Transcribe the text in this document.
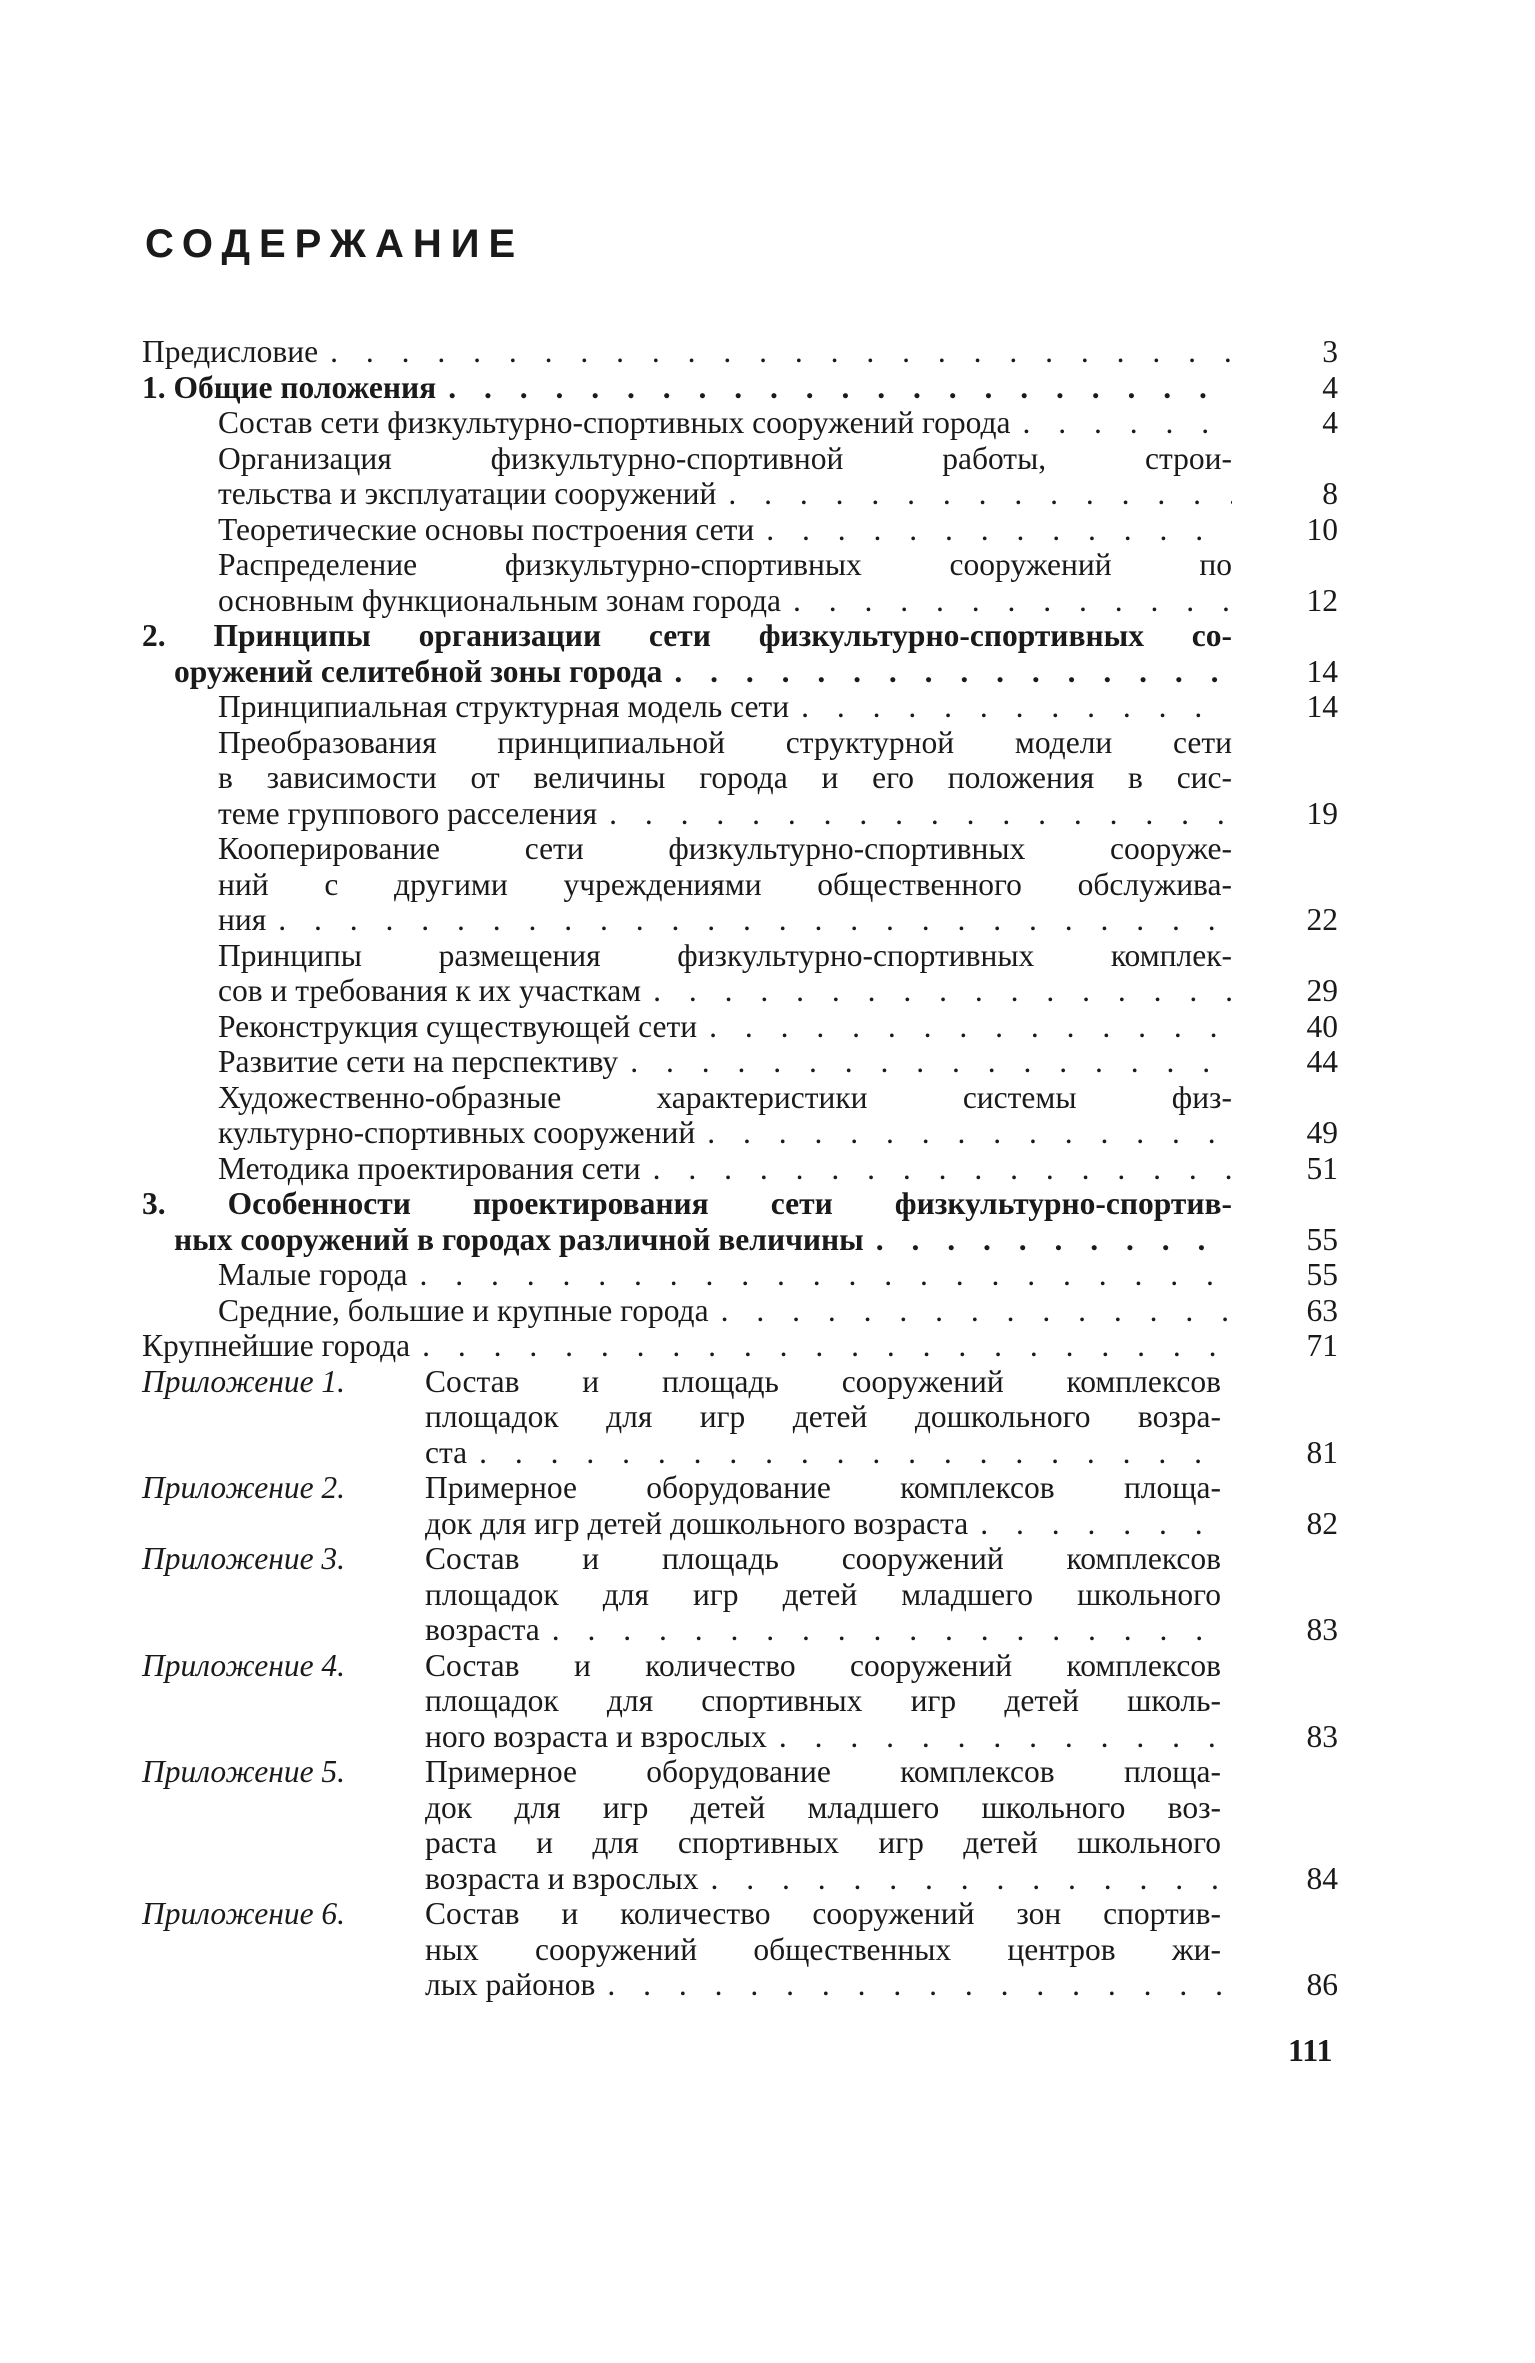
СОДЕРЖАНИЕ
Предисловие . . .	3
1. Общие положения . . .	4
Состав сети физкультурно-спортивных сооружений города . . .	4
Организация физкультурно-спортивной работы, строи-
тельства и эксплуатации сооружений . . .	8
Теоретические основы построения сети . . .	10
Распределение физкультурно-спортивных сооружений по
основным функциональным зонам города . . .	12
2. Принципы организации сети физкультурно-спортивных со-
оружений селитебной зоны города . . .	14
Принципиальная структурная модель сети . . .	14
Преобразования принципиальной структурной модели сети
в зависимости от величины города и его положения в сис-
теме группового расселения . . .	19
Кооперирование сети физкультурно-спортивных сооруже-
ний с другими учреждениями общественного обслужива-
ния . . .	22
Принципы размещения физкультурно-спортивных комплек-
сов и требования к их участкам . . .	29
Реконструкция существующей сети . . .	40
Развитие сети на перспективу . . .	44
Художественно-образные характеристики системы физ-
культурно-спортивных сооружений . . .	49
Методика проектирования сети . . .	51
3. Особенности проектирования сети физкультурно-спортив-
ных сооружений в городах различной величины . . .	55
Малые города . . .	55
Средние, большие и крупные города . . .	63
Крупнейшие города . . .	71
Приложение 1.	Состав и площадь сооружений комплексов
площадок для игр детей дошкольного возра-
ста . . .	81
Приложение 2.	Примерное оборудование комплексов площа-
док для игр детей дошкольного возраста . . .	82
Приложение 3.	Состав и площадь сооружений комплексов
площадок для игр детей младшего школьного
возраста . . .	83
Приложение 4.	Состав и количество сооружений комплексов
площадок для спортивных игр детей школь-
ного возраста и взрослых . . .	83
Приложение 5.	Примерное оборудование комплексов площа-
док для игр детей младшего школьного воз-
раста и для спортивных игр детей школьного
возраста и взрослых . . .	84
Приложение 6.	Состав и количество сооружений зон спортив-
ных сооружений общественных центров жи-
лых районов . . .	86
111
